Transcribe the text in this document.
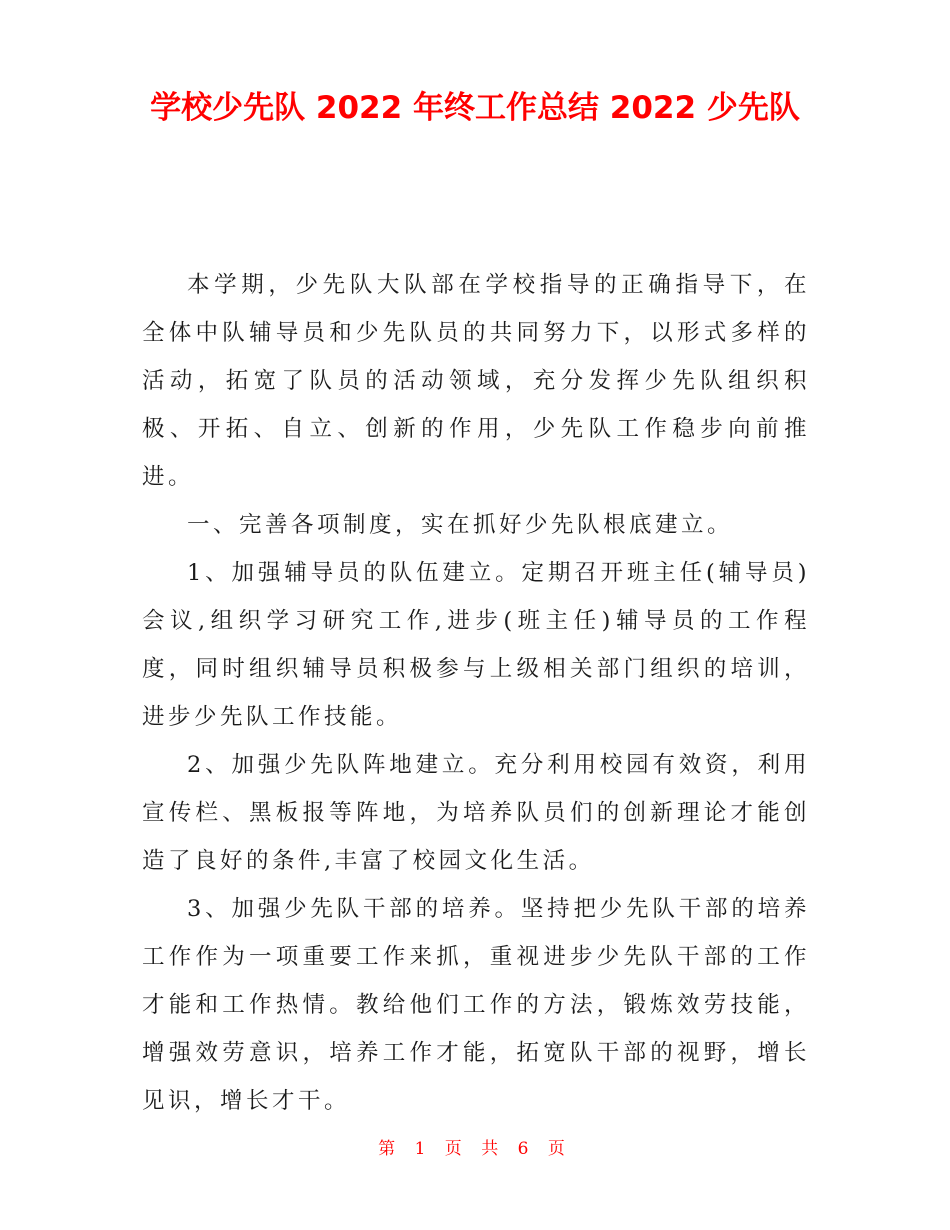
学校少先队 2022 年终工作总结 2022 少先队

本学期，少先队大队部在学校指导的正确指导下，在全体中队辅导员和少先队员的共同努力下，以形式多样的活动，拓宽了队员的活动领域，充分发挥少先队组织积极、开拓、自立、创新的作用，少先队工作稳步向前推进。

一、完善各项制度，实在抓好少先队根底建立。

1、加强辅导员的队伍建立。定期召开班主任(辅导员)会议,组织学习研究工作,进步(班主任)辅导员的工作程度，同时组织辅导员积极参与上级相关部门组织的培训，进步少先队工作技能。

2、加强少先队阵地建立。充分利用校园有效资，利用宣传栏、黑板报等阵地，为培养队员们的创新理论才能创造了良好的条件,丰富了校园文化生活。

3、加强少先队干部的培养。坚持把少先队干部的培养工作作为一项重要工作来抓，重视进步少先队干部的工作才能和工作热情。教给他们工作的方法，锻炼效劳技能，增强效劳意识，培养工作才能，拓宽队干部的视野，增长见识，增长才干。

第 1 页 共 6 页
